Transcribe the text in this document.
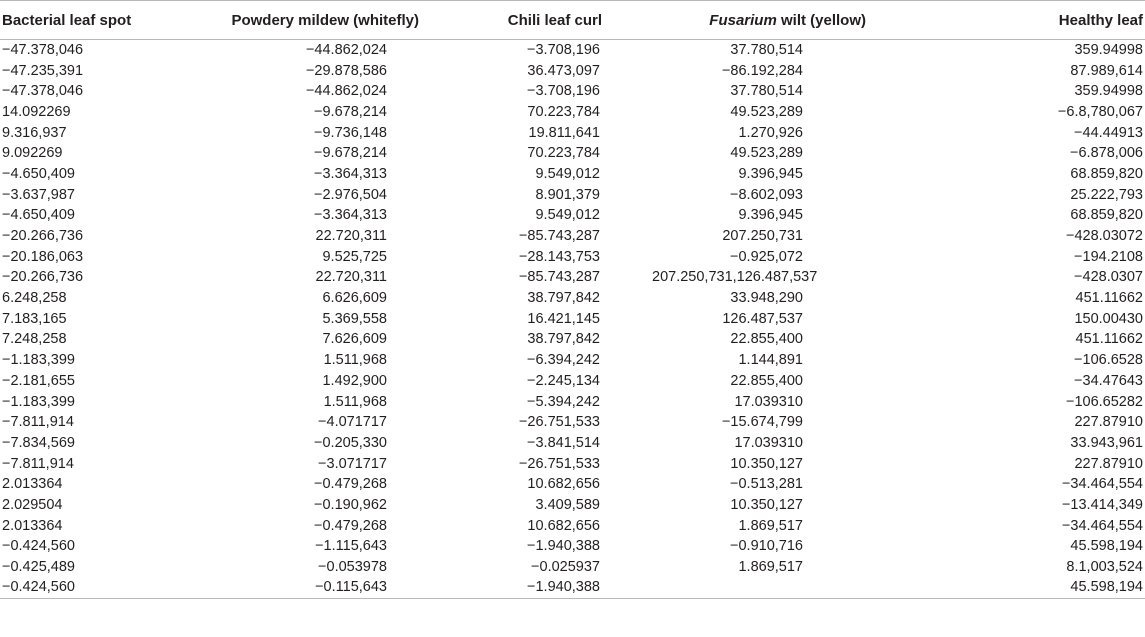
Bacterial leaf spot	Powdery mildew (whitefly)	Chili leaf curl	Fusarium wilt (yellow)	Healthy leaf
−47.378,046	−44.862,024	−3.708,196	37.780,514	359.94998
−47.235,391	−29.878,586	36.473,097	−86.192,284	87.989,614
−47.378,046	−44.862,024	−3.708,196	37.780,514	359.94998
14.092269	−9.678,214	70.223,784	49.523,289	−6.8,780,067
9.316,937	−9.736,148	19.811,641	1.270,926	−44.44913
9.092269	−9.678,214	70.223,784	49.523,289	−6.878,006
−4.650,409	−3.364,313	9.549,012	9.396,945	68.859,820
−3.637,987	−2.976,504	8.901,379	−8.602,093	25.222,793
−4.650,409	−3.364,313	9.549,012	9.396,945	68.859,820
−20.266,736	22.720,311	−85.743,287	207.250,731	−428.03072
−20.186,063	9.525,725	−28.143,753	−0.925,072	−194.2108
−20.266,736	22.720,311	−85.743,287	207.250,731,126.487,537	−428.0307
6.248,258	6.626,609	38.797,842	33.948,290	451.11662
7.183,165	5.369,558	16.421,145	126.487,537	150.00430
7.248,258	7.626,609	38.797,842	22.855,400	451.11662
−1.183,399	1.511,968	−6.394,242	1.144,891	−106.6528
−2.181,655	1.492,900	−2.245,134	22.855,400	−34.47643
−1.183,399	1.511,968	−5.394,242	17.039310	−106.65282
−7.811,914	−4.071717	−26.751,533	−15.674,799	227.87910
−7.834,569	−0.205,330	−3.841,514	17.039310	33.943,961
−7.811,914	−3.071717	−26.751,533	10.350,127	227.87910
2.013364	−0.479,268	10.682,656	−0.513,281	−34.464,554
2.029504	−0.190,962	3.409,589	10.350,127	−13.414,349
2.013364	−0.479,268	10.682,656	1.869,517	−34.464,554
−0.424,560	−1.115,643	−1.940,388	−0.910,716	45.598,194
−0.425,489	−0.053978	−0.025937	1.869,517	8.1,003,524
−0.424,560	−0.115,643	−1.940,388		45.598,194
